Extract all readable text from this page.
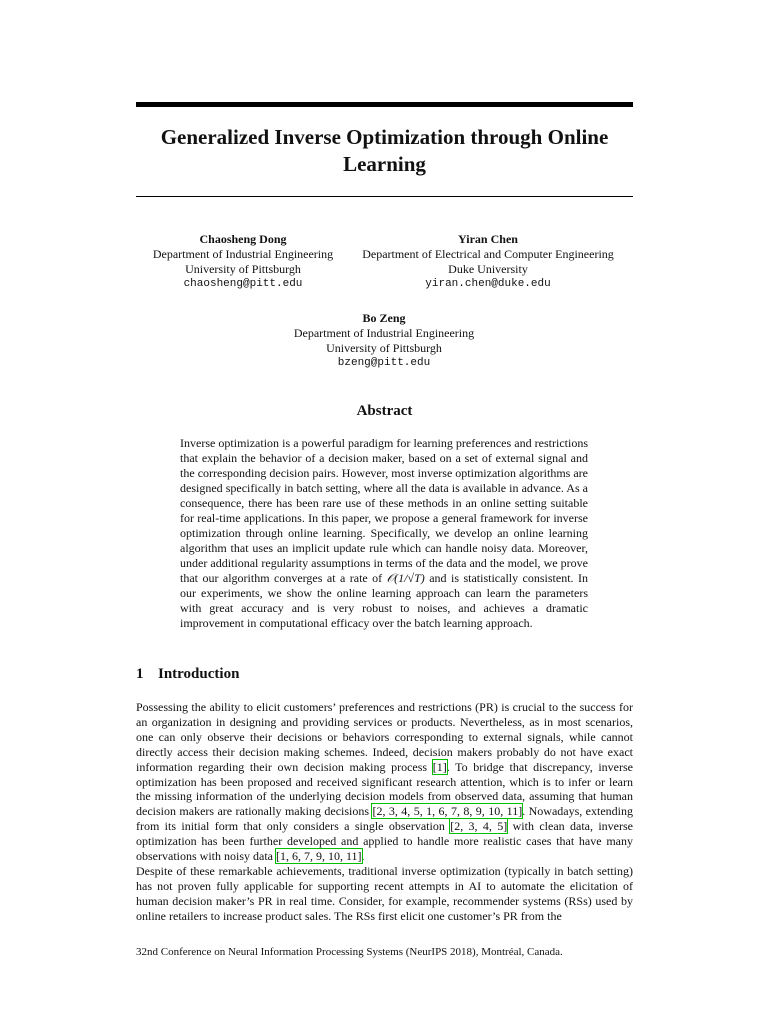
Generalized Inverse Optimization through Online Learning
Chaosheng Dong
Department of Industrial Engineering
University of Pittsburgh
chaosheng@pitt.edu
Yiran Chen
Department of Electrical and Computer Engineering
Duke University
yiran.chen@duke.edu
Bo Zeng
Department of Industrial Engineering
University of Pittsburgh
bzeng@pitt.edu
Abstract

Inverse optimization is a powerful paradigm for learning preferences and restrictions that explain the behavior of a decision maker, based on a set of external signal and the corresponding decision pairs. However, most inverse optimization algorithms are designed specifically in batch setting, where all the data is available in advance. As a consequence, there has been rare use of these methods in an online setting suitable for real-time applications. In this paper, we propose a general framework for inverse optimization through online learning. Specifically, we develop an online learning algorithm that uses an implicit update rule which can handle noisy data. Moreover, under additional regularity assumptions in terms of the data and the model, we prove that our algorithm converges at a rate of 𝒪(1/√T) and is statistically consistent. In our experiments, we show the online learning approach can learn the parameters with great accuracy and is very robust to noises, and achieves a dramatic improvement in computational efficacy over the batch learning approach.

1 Introduction

Possessing the ability to elicit customers’ preferences and restrictions (PR) is crucial to the success for an organization in designing and providing services or products. Nevertheless, as in most scenarios, one can only observe their decisions or behaviors corresponding to external signals, while cannot directly access their decision making schemes. Indeed, decision makers probably do not have exact information regarding their own decision making process [1]. To bridge that discrepancy, inverse optimization has been proposed and received significant research attention, which is to infer or learn the missing information of the underlying decision models from observed data, assuming that human decision makers are rationally making decisions [2, 3, 4, 5, 1, 6, 7, 8, 9, 10, 11]. Nowadays, extending from its initial form that only considers a single observation [2, 3, 4, 5] with clean data, inverse optimization has been further developed and applied to handle more realistic cases that have many observations with noisy data [1, 6, 7, 9, 10, 11].

Despite of these remarkable achievements, traditional inverse optimization (typically in batch setting) has not proven fully applicable for supporting recent attempts in AI to automate the elicitation of human decision maker’s PR in real time. Consider, for example, recommender systems (RSs) used by online retailers to increase product sales. The RSs first elicit one customer’s PR from the

32nd Conference on Neural Information Processing Systems (NeurIPS 2018), Montréal, Canada.
